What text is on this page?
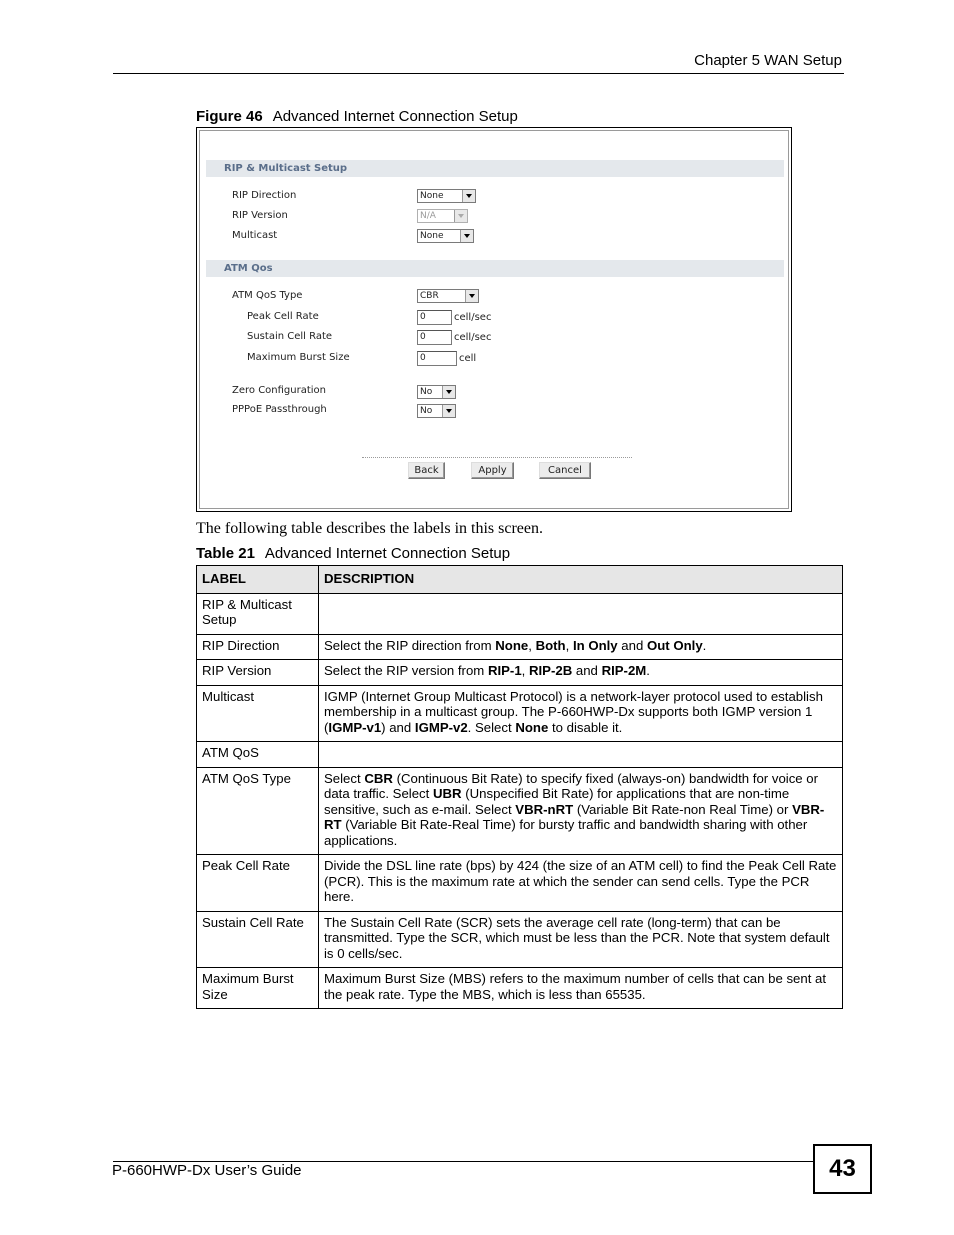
Chapter 5 WAN Setup
Figure 46 Advanced Internet Connection Setup
RIP & Multicast Setup
RIP Direction	None
RIP Version	N/A
Multicast	None
ATM Qos
ATM QoS Type	CBR
Peak Cell Rate	0	cell/sec
Sustain Cell Rate	0	cell/sec
Maximum Burst Size	0	cell
Zero Configuration	No
PPPoE Passthrough	No
Back	Apply	Cancel
The following table describes the labels in this screen.
Table 21 Advanced Internet Connection Setup
LABEL	DESCRIPTION
RIP & Multicast Setup	
RIP Direction	Select the RIP direction from None, Both, In Only and Out Only.
RIP Version	Select the RIP version from RIP-1, RIP-2B and RIP-2M.
Multicast	IGMP (Internet Group Multicast Protocol) is a network-layer protocol used to establish membership in a multicast group. The P-660HWP-Dx supports both IGMP version 1 (IGMP-v1) and IGMP-v2. Select None to disable it.
ATM QoS	
ATM QoS Type	Select CBR (Continuous Bit Rate) to specify fixed (always-on) bandwidth for voice or data traffic. Select UBR (Unspecified Bit Rate) for applications that are non-time sensitive, such as e-mail. Select VBR-nRT (Variable Bit Rate-non Real Time) or VBR-RT (Variable Bit Rate-Real Time) for bursty traffic and bandwidth sharing with other applications.
Peak Cell Rate	Divide the DSL line rate (bps) by 424 (the size of an ATM cell) to find the Peak Cell Rate (PCR). This is the maximum rate at which the sender can send cells. Type the PCR here.
Sustain Cell Rate	The Sustain Cell Rate (SCR) sets the average cell rate (long-term) that can be transmitted. Type the SCR, which must be less than the PCR. Note that system default is 0 cells/sec.
Maximum Burst Size	Maximum Burst Size (MBS) refers to the maximum number of cells that can be sent at the peak rate. Type the MBS, which is less than 65535.
P-660HWP-Dx User’s Guide	43
